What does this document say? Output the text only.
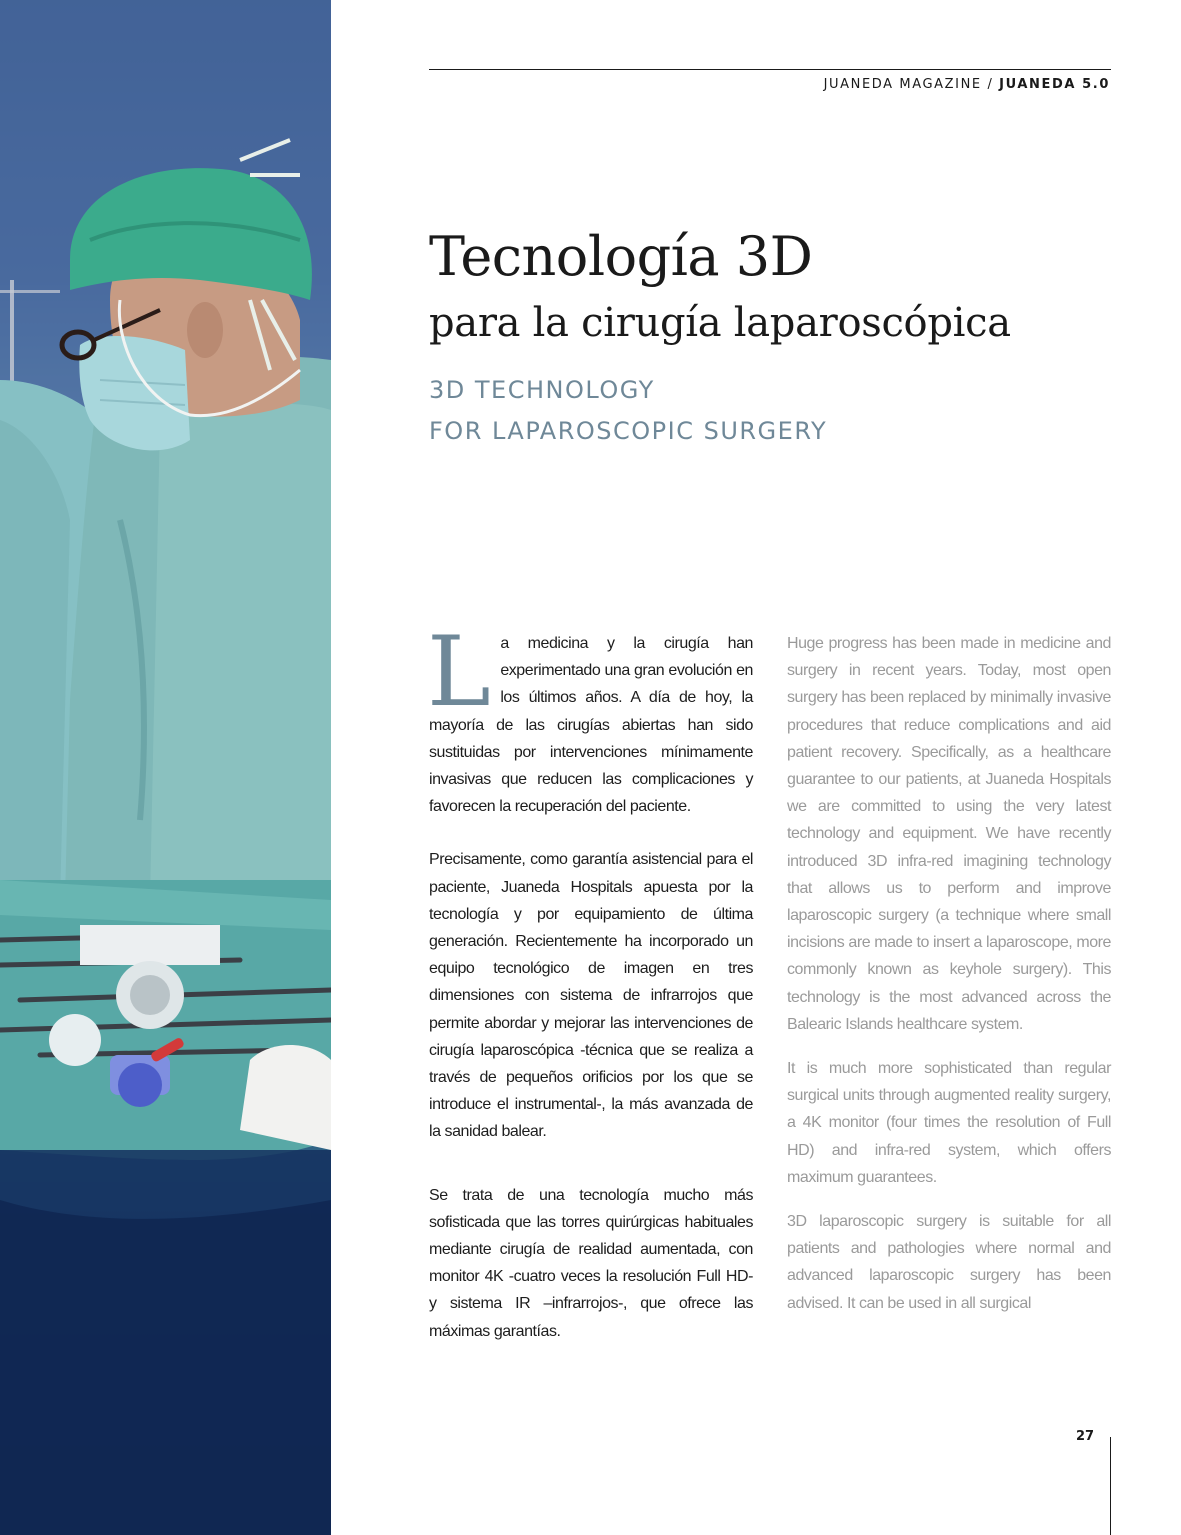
JUANEDA MAGAZINE / JUANEDA 5.0
Tecnología 3D
para la cirugía laparoscópica
3D TECHNOLOGY
FOR LAPAROSCOPIC SURGERY

La medicina y la cirugía han experimentado una gran evolución en los últimos años. A día de hoy, la mayoría de las cirugías abiertas han sido sustituidas por intervenciones mínimamente invasivas que reducen las complicaciones y favorecen la recuperación del paciente.

Precisamente, como garantía asistencial para el paciente, Juaneda Hospitals apuesta por la tecnología y por equipamiento de última generación. Recientemente ha incorporado un equipo tecnológico de imagen en tres dimensiones con sistema de infrarrojos que permite abordar y mejorar las intervenciones de cirugía laparoscópica -técnica que se realiza a través de pequeños orificios por los que se introduce el instrumental-, la más avanzada de la sanidad balear.

Se trata de una tecnología mucho más sofisticada que las torres quirúrgicas habituales mediante cirugía de realidad aumentada, con monitor 4K -cuatro veces la resolución Full HD- y sistema IR –infrarrojos-, que ofrece las máximas garantías.

Huge progress has been made in medicine and surgery in recent years. Today, most open surgery has been replaced by minimally invasive procedures that reduce complications and aid patient recovery. Specifically, as a healthcare guarantee to our patients, at Juaneda Hospitals we are committed to using the very latest technology and equipment. We have recently introduced 3D infra-red imagining technology that allows us to perform and improve laparoscopic surgery (a technique where small incisions are made to insert a laparoscope, more commonly known as keyhole surgery). This technology is the most advanced across the Balearic Islands healthcare system.

It is much more sophisticated than regular surgical units through augmented reality surgery, a 4K monitor (four times the resolution of Full HD) and infra-red system, which offers maximum guarantees.

3D laparoscopic surgery is suitable for all patients and pathologies where normal and advanced laparoscopic surgery has been advised. It can be used in all surgical

27
